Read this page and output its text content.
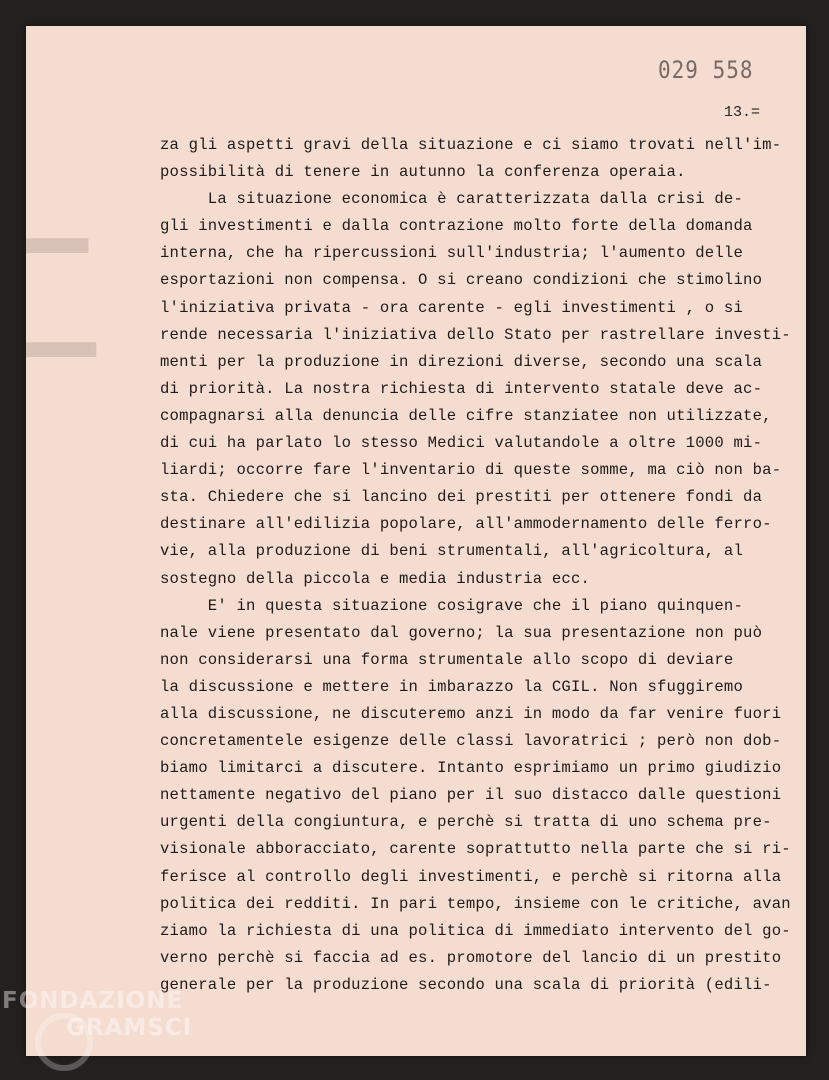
029 558
13.=
████████
█████████
za gli aspetti gravi della situazione e ci siamo trovati nell'im-
possibilità di tenere in autunno la conferenza operaia.
La situazione economica è caratterizzata dalla crisi de-
gli investimenti e dalla contrazione molto forte della domanda
interna, che ha ripercussioni sull'industria; l'aumento delle
esportazioni non compensa. O si creano condizioni che stimolino
l'iniziativa privata - ora carente - egli investimenti , o si
rende necessaria l'iniziativa dello Stato per rastrellare investi-
menti per la produzione in direzioni diverse, secondo una scala
di priorità. La nostra richiesta di intervento statale deve ac-
compagnarsi alla denuncia delle cifre stanziatee non utilizzate,
di cui ha parlato lo stesso Medici valutandole a oltre 1000 mi-
liardi; occorre fare l'inventario di queste somme, ma ciò non ba-
sta. Chiedere che si lancino dei prestiti per ottenere fondi da
destinare all'edilizia popolare, all'ammodernamento delle ferro-
vie, alla produzione di beni strumentali, all'agricoltura, al
sostegno della piccola e media industria ecc.
E' in questa situazione cosigrave che il piano quinquen-
nale viene presentato dal governo; la sua presentazione non può
non considerarsi una forma strumentale allo scopo di deviare
la discussione e mettere in imbarazzo la CGIL. Non sfuggiremo
alla discussione, ne discuteremo anzi in modo da far venire fuori
concretamentele esigenze delle classi lavoratrici ; però non dob-
biamo limitarci a discutere. Intanto esprimiamo un primo giudizio
nettamente negativo del piano per il suo distacco dalle questioni
urgenti della congiuntura, e perchè si tratta di uno schema pre-
visionale abboracciato, carente soprattutto nella parte che si ri-
ferisce al controllo degli investimenti, e perchè si ritorna alla
politica dei redditi. In pari tempo, insieme con le critiche, avan
ziamo la richiesta di una politica di immediato intervento del go-
verno perchè si faccia ad es. promotore del lancio di un prestito
generale per la produzione secondo una scala di priorità (edili-
FONDAZIONE
GRAMSCI
